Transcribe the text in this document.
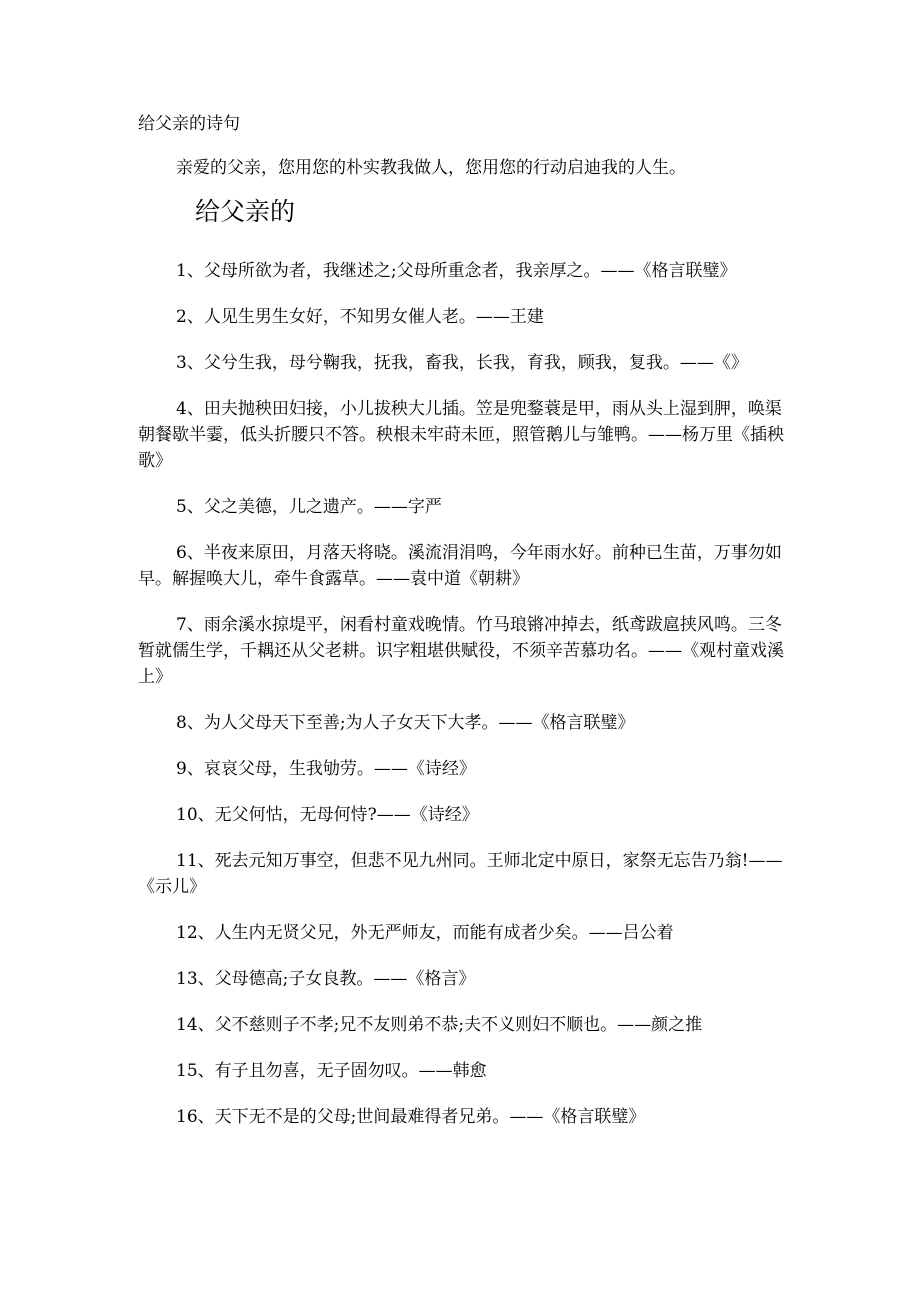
给父亲的诗句
亲爱的父亲，您用您的朴实教我做人，您用您的行动启迪我的人生。
给父亲的
1、父母所欲为者，我继述之;父母所重念者，我亲厚之。——《格言联璧》
2、人见生男生女好，不知男女催人老。——王建
3、父兮生我，母兮鞠我，抚我，畜我，长我，育我，顾我，复我。——《》
4、田夫抛秧田妇接，小儿拔秧大儿插。笠是兜鍪蓑是甲，雨从头上湿到胛，唤渠朝餐歇半霎，低头折腰只不答。秧根未牢莳未匝，照管鹅儿与雏鸭。——杨万里《插秧歌》
5、父之美德，儿之遗产。——字严
6、半夜来原田，月落天将晓。溪流涓涓鸣，今年雨水好。前种已生苗，万事勿如早。解握唤大儿，牵牛食露草。——袁中道《朝耕》
7、雨余溪水掠堤平，闲看村童戏晚情。竹马琅锵冲掉去，纸鸢跋扈挟风鸣。三冬暂就儒生学，千耦还从父老耕。识字粗堪供赋役，不须辛苦慕功名。——《观村童戏溪上》
8、为人父母天下至善;为人子女天下大孝。——《格言联璧》
9、哀哀父母，生我劬劳。——《诗经》
10、无父何怙，无母何恃?——《诗经》
11、死去元知万事空，但悲不见九州同。王师北定中原日，家祭无忘告乃翁!——《示儿》
12、人生内无贤父兄，外无严师友，而能有成者少矣。——吕公着
13、父母德高;子女良教。——《格言》
14、父不慈则子不孝;兄不友则弟不恭;夫不义则妇不顺也。——颜之推
15、有子且勿喜，无子固勿叹。——韩愈
16、天下无不是的父母;世间最难得者兄弟。——《格言联璧》
